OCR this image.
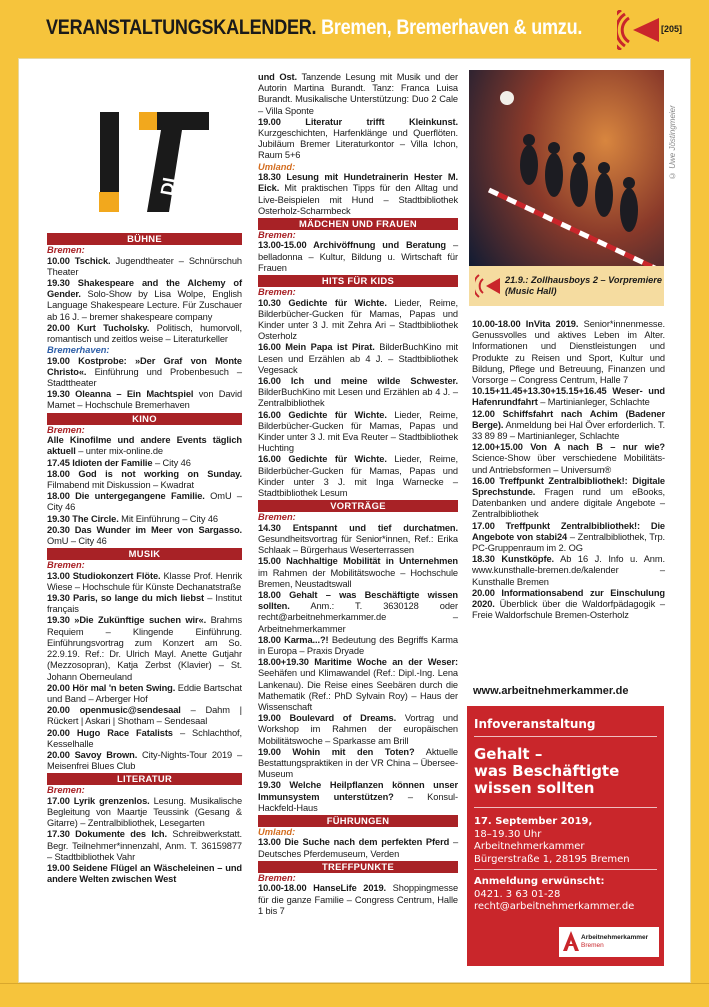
VERANSTALTUNGSKALENDER. Bremen, Bremerhaven & umzu.	[205]
DI
BÜHNE
Bremen:
10.00 Tschick. Jugendtheater – Schnürschuh Theater
19.30 Shakespeare and the Alchemy of Gender. Solo-Show by Lisa Wolpe, English Language Shakespeare Lecture. Für Zuschauer ab 16 J. – bremer shakespeare company
20.00 Kurt Tucholsky. Politisch, humorvoll, romantisch und zeitlos weise – Literaturkeller
Bremerhaven:
19.00 Kostprobe: »Der Graf von Monte Christo«. Einführung und Probenbesuch – Stadttheater
19.30 Oleanna – Ein Machtspiel von David Mamet – Hochschule Bremerhaven
KINO
Bremen:
Alle Kinofilme und andere Events täglich aktuell – unter mix-online.de
17.45 Idioten der Familie – City 46
18.00 God is not working on Sunday. Filmabend mit Diskussion – Kwadrat
18.00 Die untergegangene Familie. OmU – City 46
19.30 The Circle. Mit Einführung – City 46
20.30 Das Wunder im Meer von Sargasso. OmU – City 46
MUSIK
Bremen:
13.00 Studiokonzert Flöte. Klasse Prof. Henrik Wiese – Hochschule für Künste Dechanatstraße
19.30 Paris, so lange du mich liebst – Institut français
19.30 »Die Zukünftige suchen wir«. Brahms Requiem – Klingende Einführung. Einführungsvortrag zum Konzert am So. 22.9.19. Ref.: Dr. Ulrich Mayl. Anette Gutjahr (Mezzosopran), Katja Zerbst (Klavier) – St. Johann Oberneuland
20.00 Hör mal 'n beten Swing. Eddie Bartschat und Band – Arberger Hof
20.00 openmusic@sendesaal – Dahm | Rückert | Askari | Shotham – Sendesaal
20.00 Hugo Race Fatalists – Schlachthof, Kesselhalle
20.00 Savoy Brown. City-Nights-Tour 2019 – Meisenfrei Blues Club
LITERATUR
Bremen:
17.00 Lyrik grenzenlos. Lesung. Musikalische Begleitung von Maartje Teussink (Gesang & Gitarre) – Zentralbibliothek, Lesegarten
17.30 Dokumente des Ich. Schreibwerkstatt. Begr. Teilnehmer*innenzahl, Anm. T. 36159877 – Stadtbibliothek Vahr
19.00 Seidene Flügel an Wäscheleinen – und andere Welten zwischen West
und Ost. Tanzende Lesung mit Musik und der Autorin Martina Burandt. Tanz: Franca Luisa Burandt. Musikalische Unterstützung: Duo 2 Cale – Villa Sponte
19.00	Literatur trifft Kleinkunst. Kurzgeschichten, Harfenklänge und Querflöten. Jubiläum Bremer Literaturkontor – Villa Ichon, Raum 5+6
Umland:
18.30 Lesung mit Hundetrainerin Hester M. Eick. Mit praktischen Tipps für den Alltag und Live-Beispielen mit Hund – Stadtbibliothek Osterholz-Scharmbeck
MÄDCHEN UND FRAUEN
Bremen:
13.00-15.00 Archivöffnung und Beratung – belladonna – Kultur, Bildung u. Wirtschaft für Frauen
HITS FÜR KIDS
Bremen:
10.30 Gedichte für Wichte. Lieder, Reime, Bilderbücher-Gucken für Mamas, Papas und Kinder unter 3 J. mit Zehra Ari – Stadtbibliothek Osterholz
16.00 Mein Papa ist Pirat. BilderBuchKino mit Lesen und Erzählen ab 4 J. – Stadtbibliothek Vegesack
16.00 Ich und meine wilde Schwester. BilderBuchKino mit Lesen und Erzählen ab 4 J. – Zentralbibliothek
16.00 Gedichte für Wichte. Lieder, Reime, Bilderbücher-Gucken für Mamas, Papas und Kinder unter 3 J. mit Eva Reuter – Stadtbibliothek Huchting
16.00 Gedichte für Wichte. Lieder, Reime, Bilderbücher-Gucken für Mamas, Papas und Kinder unter 3 J. mit Inga Warnecke – Stadtbibliothek Lesum
VORTRÄGE
Bremen:
14.30 Entspannt und tief durchatmen. Gesundheitsvortrag für Senior*innen, Ref.: Erika Schlaak – Bürgerhaus Weserterrassen
15.00 Nachhaltige Mobilität in Unternehmen im Rahmen der Mobilitätswoche – Hochschule Bremen, Neustadtswall
18.00 Gehalt – was Beschäftigte wissen sollten. Anm.: T. 3630128 oder recht@arbeitnehmerkammer.de – Arbeitnehmerkammer
18.00 Karma...?! Bedeutung des Begriffs Karma in Europa – Praxis Dryade
18.00+19.30 Maritime Woche an der Weser: Seehäfen und Klimawandel (Ref.: Dipl.-Ing. Lena Lankenau). Die Reise eines Seebären durch die Mathematik (Ref.: PhD Sylvain Roy) – Haus der Wissenschaft
19.00 Boulevard of Dreams. Vortrag und Workshop im Rahmen der europäischen Mobilitätswoche – Sparkasse am Brill
19.00 Wohin mit den Toten? Aktuelle Bestattungspraktiken in der VR China – Übersee-Museum
19.30 Welche Heilpflanzen können unser Immunsystem unterstützen? – Konsul-Hackfeld-Haus
FÜHRUNGEN
Umland:
13.00 Die Suche nach dem perfekten Pferd – Deutsches Pferdemuseum, Verden
TREFFPUNKTE
Bremen:
10.00-18.00 HanseLife 2019. Shoppingmesse für die ganze Familie – Congress Centrum, Halle 1 bis 7
© Uwe Jöstingmeier
21.9.: Zollhausboys 2 – Vorpremiere (Music Hall)
10.00-18.00 InVita 2019. Senior*innenmesse. Genussvolles und aktives Leben im Alter. Informationen und Dienstleistungen und Produkte zu Reisen und Sport, Kultur und Bildung, Pflege und Betreuung, Finanzen und Vorsorge – Congress Centrum, Halle 7
10.15+11.45+13.30+15.15+16.45 Weser- und Hafenrundfahrt – Martinianleger, Schlachte
12.00 Schiffsfahrt nach Achim (Badener Berge). Anmeldung bei Hal Över erforderlich. T. 33 89 89 – Martinianleger, Schlachte
12.00+15.00 Von A nach B – nur wie? Science-Show über verschiedene Mobilitäts- und Antriebsformen – Universum®
16.00 Treffpunkt Zentralbibliothek!: Digitale Sprechstunde. Fragen rund um eBooks, Datenbanken und andere digitale Angebote – Zentralbibliothek
17.00 Treffpunkt Zentralbibliothek!: Die Angebote von stabi24 – Zentralbibliothek, Trp. PC-Gruppenraum im 2. OG
18.30 Kunstköpfe. Ab 16 J. Info u. Anm. www.kunsthalle-bremen.de/kalender – Kunsthalle Bremen
20.00 Informationsabend zur Einschulung 2020. Überblick über die Waldorfpädagogik – Freie Waldorfschule Bremen-Osterholz
www.arbeitnehmerkammer.de
Infoveranstaltung
Gehalt –
was Beschäftigte
wissen sollten
17. September 2019,
18–19.30 Uhr
Arbeitnehmerkammer
Bürgerstraße 1, 28195 Bremen
Anmeldung erwünscht:
0421. 3 63 01-28
recht@arbeitnehmerkammer.de
Arbeitnehmerkammer
Bremen
